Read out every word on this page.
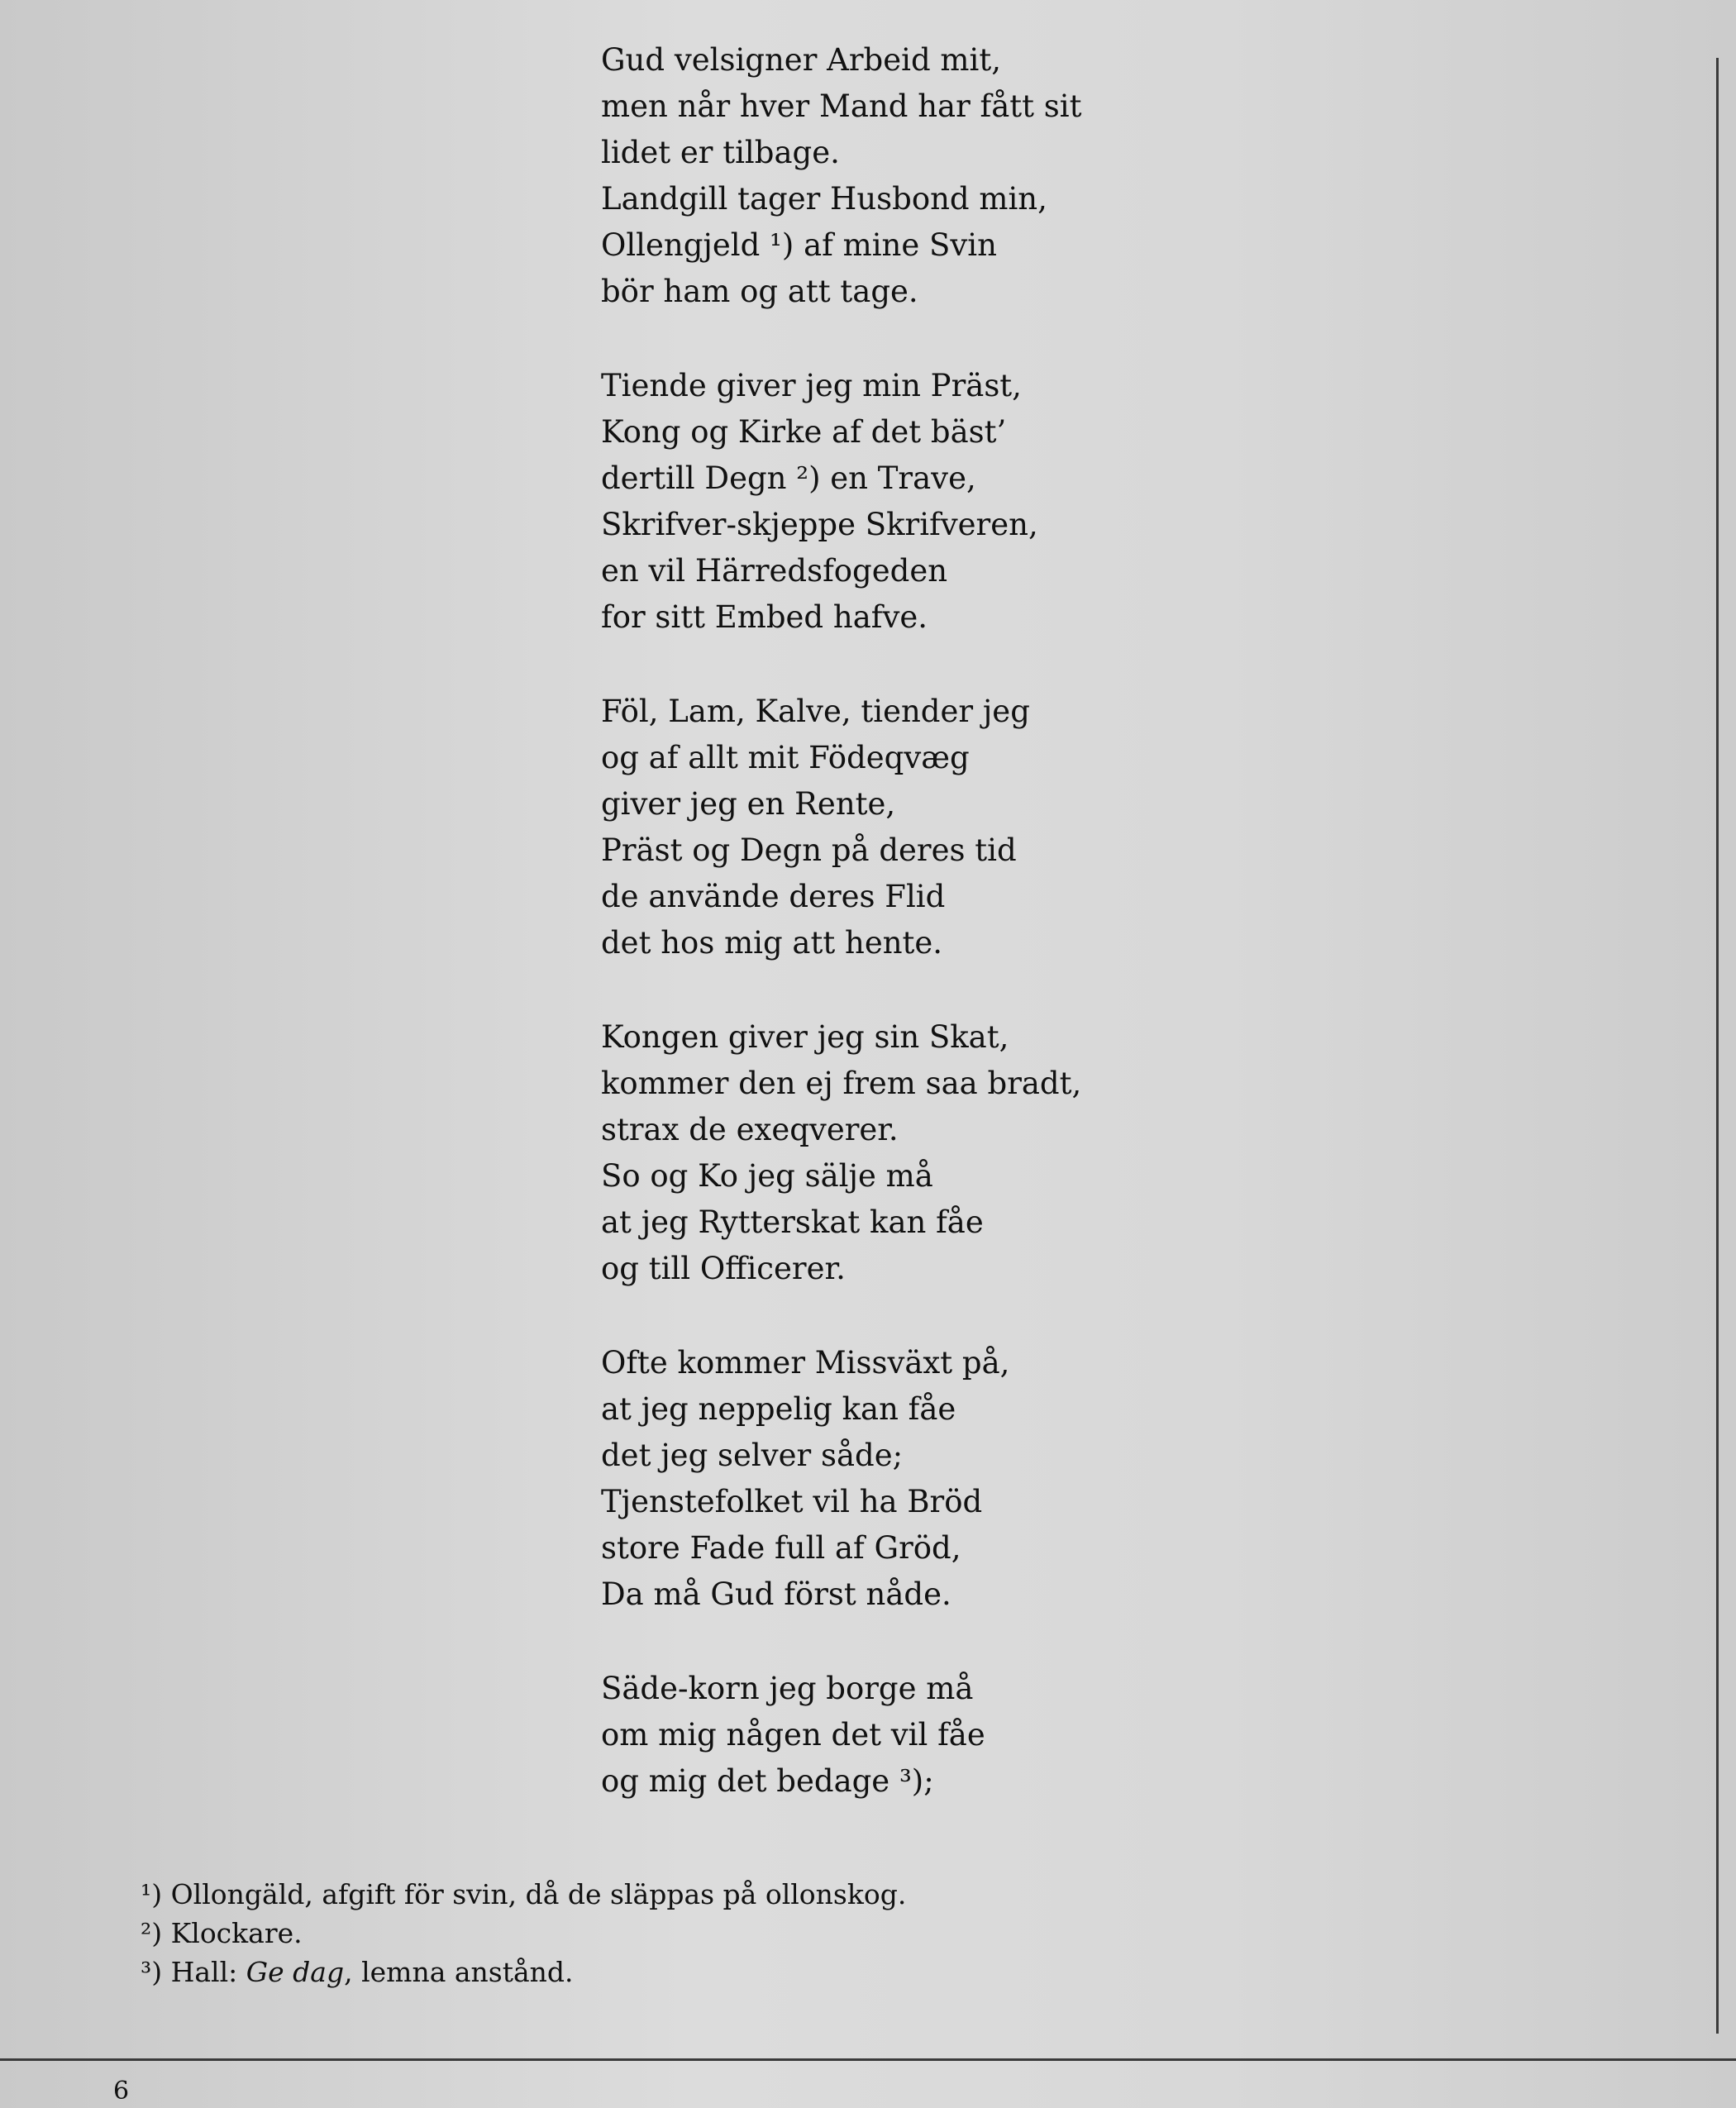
Gud velsigner Arbeid mit,
men når hver Mand har fått sit
lidet er tilbage.
Landgill tager Husbond min,
Ollengjeld ¹) af mine Svin
bör ham og att tage.
Tiende giver jeg min Präst,
Kong og Kirke af det bäst’
dertill Degn ²) en Trave,
Skrifver-skjeppe Skrifveren,
en vil Härredsfogeden
for sitt Embed hafve.
Föl, Lam, Kalve, tiender jeg
og af allt mit Födeqvæg
giver jeg en Rente,
Präst og Degn på deres tid
de använde deres Flid
det hos mig att hente.
Kongen giver jeg sin Skat,
kommer den ej frem saa bradt,
strax de exeqverer.
So og Ko jeg sälje må
at jeg Rytterskat kan fåe
og till Officerer.
Ofte kommer Missväxt på,
at jeg neppelig kan fåe
det jeg selver såde;
Tjenstefolket vil ha Bröd
store Fade full af Gröd,
Da må Gud först nåde.
Säde-korn jeg borge må
om mig någen det vil fåe
og mig det bedage ³);
¹) Ollongäld, afgift för svin, då de släppas på ollonskog.
²) Klockare.
³) Hall: Ge dag, lemna anstånd.
6
